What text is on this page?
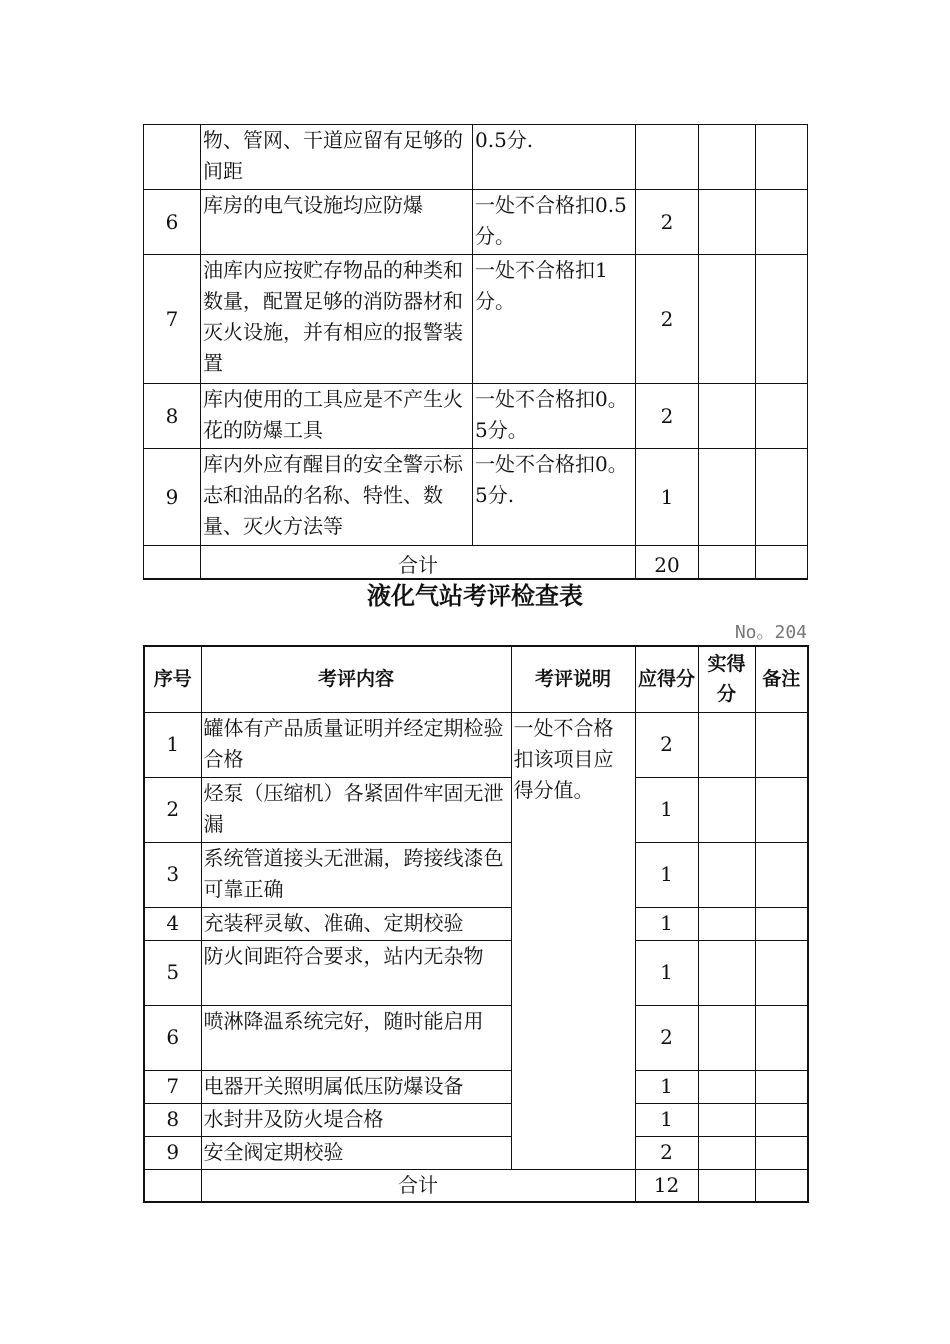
	物、管网、干道应留有足够的间距	0.5分.			
6	库房的电气设施均应防爆	一处不合格扣0.5分。	2		
7	油库内应按贮存物品的种类和数量，配置足够的消防器材和灭火设施，并有相应的报警装置	一处不合格扣1分。	2		
8	库内使用的工具应是不产生火花的防爆工具	一处不合格扣0。5分。	2		
9	库内外应有醒目的安全警示标志和油品的名称、特性、数量、灭火方法等	一处不合格扣0。5分.	1		
	合计		20		
液化气站考评检查表
No。204
序号	考评内容	考评说明	应得分	实得分	备注
1	罐体有产品质量证明并经定期检验合格	一处不合格扣该项目应得分值。	2		
2	烃泵（压缩机）各紧固件牢固无泄漏		1		
3	系统管道接头无泄漏，跨接线漆色可靠正确		1		
4	充装秤灵敏、准确、定期校验		1		
5	防火间距符合要求，站内无杂物		1		
6	喷淋降温系统完好，随时能启用		2		
7	电器开关照明属低压防爆设备		1		
8	水封井及防火堤合格		1		
9	安全阀定期校验		2		
	合计		12		
